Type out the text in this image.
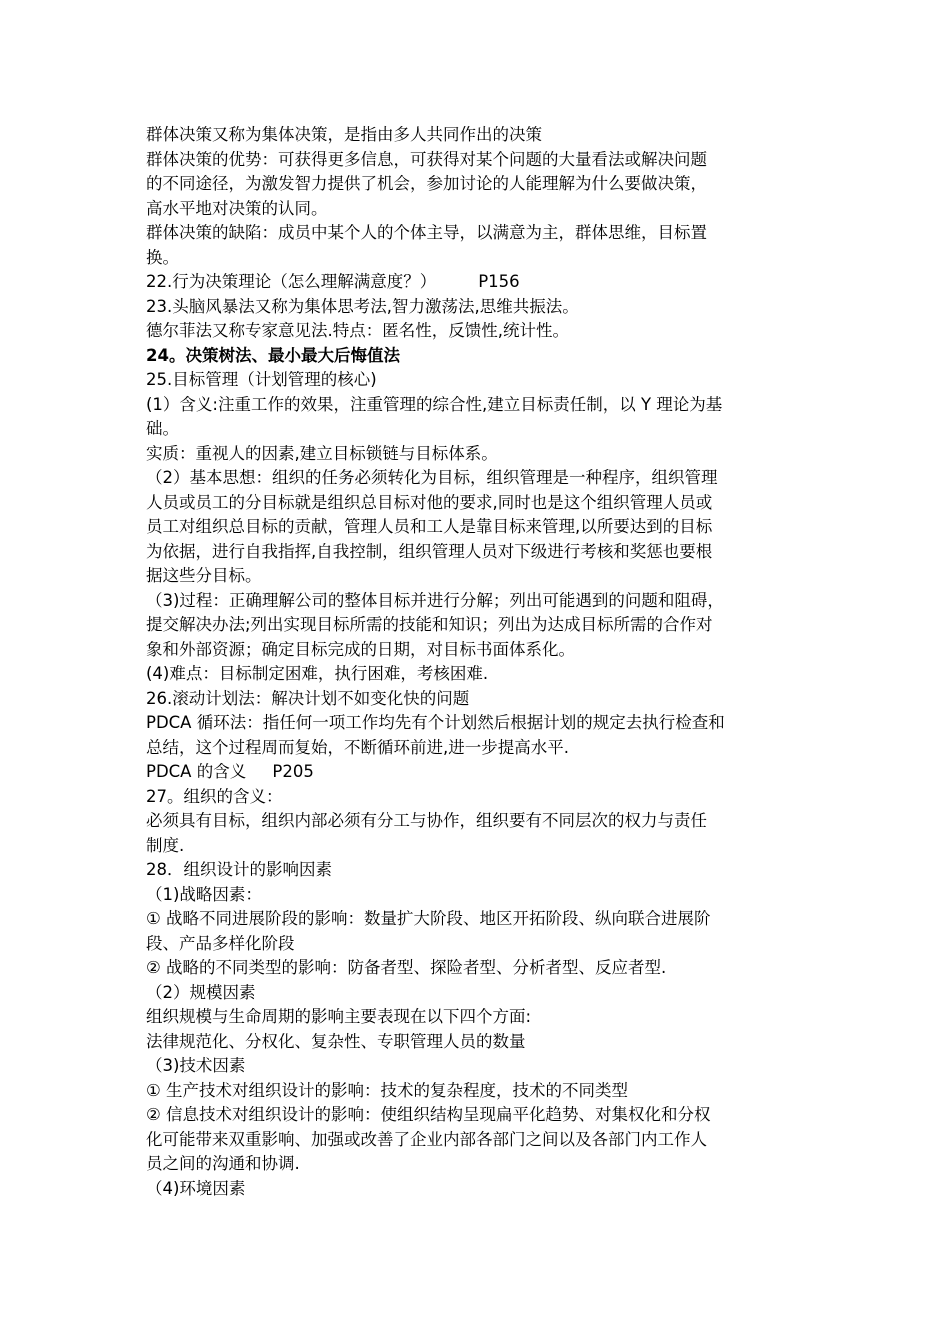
群体决策又称为集体决策，是指由多人共同作出的决策

群体决策的优势：可获得更多信息，可获得对某个问题的大量看法或解决问题

的不同途径，为激发智力提供了机会，参加讨论的人能理解为什么要做决策，

高水平地对决策的认同。

群体决策的缺陷：成员中某个人的个体主导，以满意为主，群体思维，目标置

换。

22.行为决策理论（怎么理解满意度？）        P156

23.头脑风暴法又称为集体思考法,智力激荡法,思维共振法。

德尔菲法又称专家意见法.特点：匿名性，反馈性,统计性。

24。决策树法、最小最大后悔值法

25.目标管理（计划管理的核心)

(1）含义:注重工作的效果，注重管理的综合性,建立目标责任制，以 Y 理论为基

础。

实质：重视人的因素,建立目标锁链与目标体系。

（2）基本思想：组织的任务必须转化为目标，组织管理是一种程序，组织管理

人员或员工的分目标就是组织总目标对他的要求,同时也是这个组织管理人员或

员工对组织总目标的贡献，管理人员和工人是靠目标来管理,以所要达到的目标

为依据，进行自我指挥,自我控制，组织管理人员对下级进行考核和奖惩也要根

据这些分目标。

（3)过程：正确理解公司的整体目标并进行分解；列出可能遇到的问题和阻碍，

提交解决办法;列出实现目标所需的技能和知识；列出为达成目标所需的合作对

象和外部资源；确定目标完成的日期，对目标书面体系化。

(4)难点：目标制定困难，执行困难，考核困难.

26.滚动计划法：解决计划不如变化快的问题

PDCA 循环法：指任何一项工作均先有个计划然后根据计划的规定去执行检查和

总结，这个过程周而复始，不断循环前进,进一步提高水平.

PDCA 的含义     P205

27。组织的含义：

必须具有目标，组织内部必须有分工与协作，组织要有不同层次的权力与责任

制度.

28．组织设计的影响因素

（1)战略因素：

① 战略不同进展阶段的影响：数量扩大阶段、地区开拓阶段、纵向联合进展阶

段、产品多样化阶段

② 战略的不同类型的影响：防备者型、探险者型、分析者型、反应者型.

（2）规模因素

组织规模与生命周期的影响主要表现在以下四个方面:

法律规范化、分权化、复杂性、专职管理人员的数量

（3)技术因素

① 生产技术对组织设计的影响：技术的复杂程度，技术的不同类型

② 信息技术对组织设计的影响：使组织结构呈现扁平化趋势、对集权化和分权

化可能带来双重影响、加强或改善了企业内部各部门之间以及各部门内工作人

员之间的沟通和协调.

（4)环境因素
